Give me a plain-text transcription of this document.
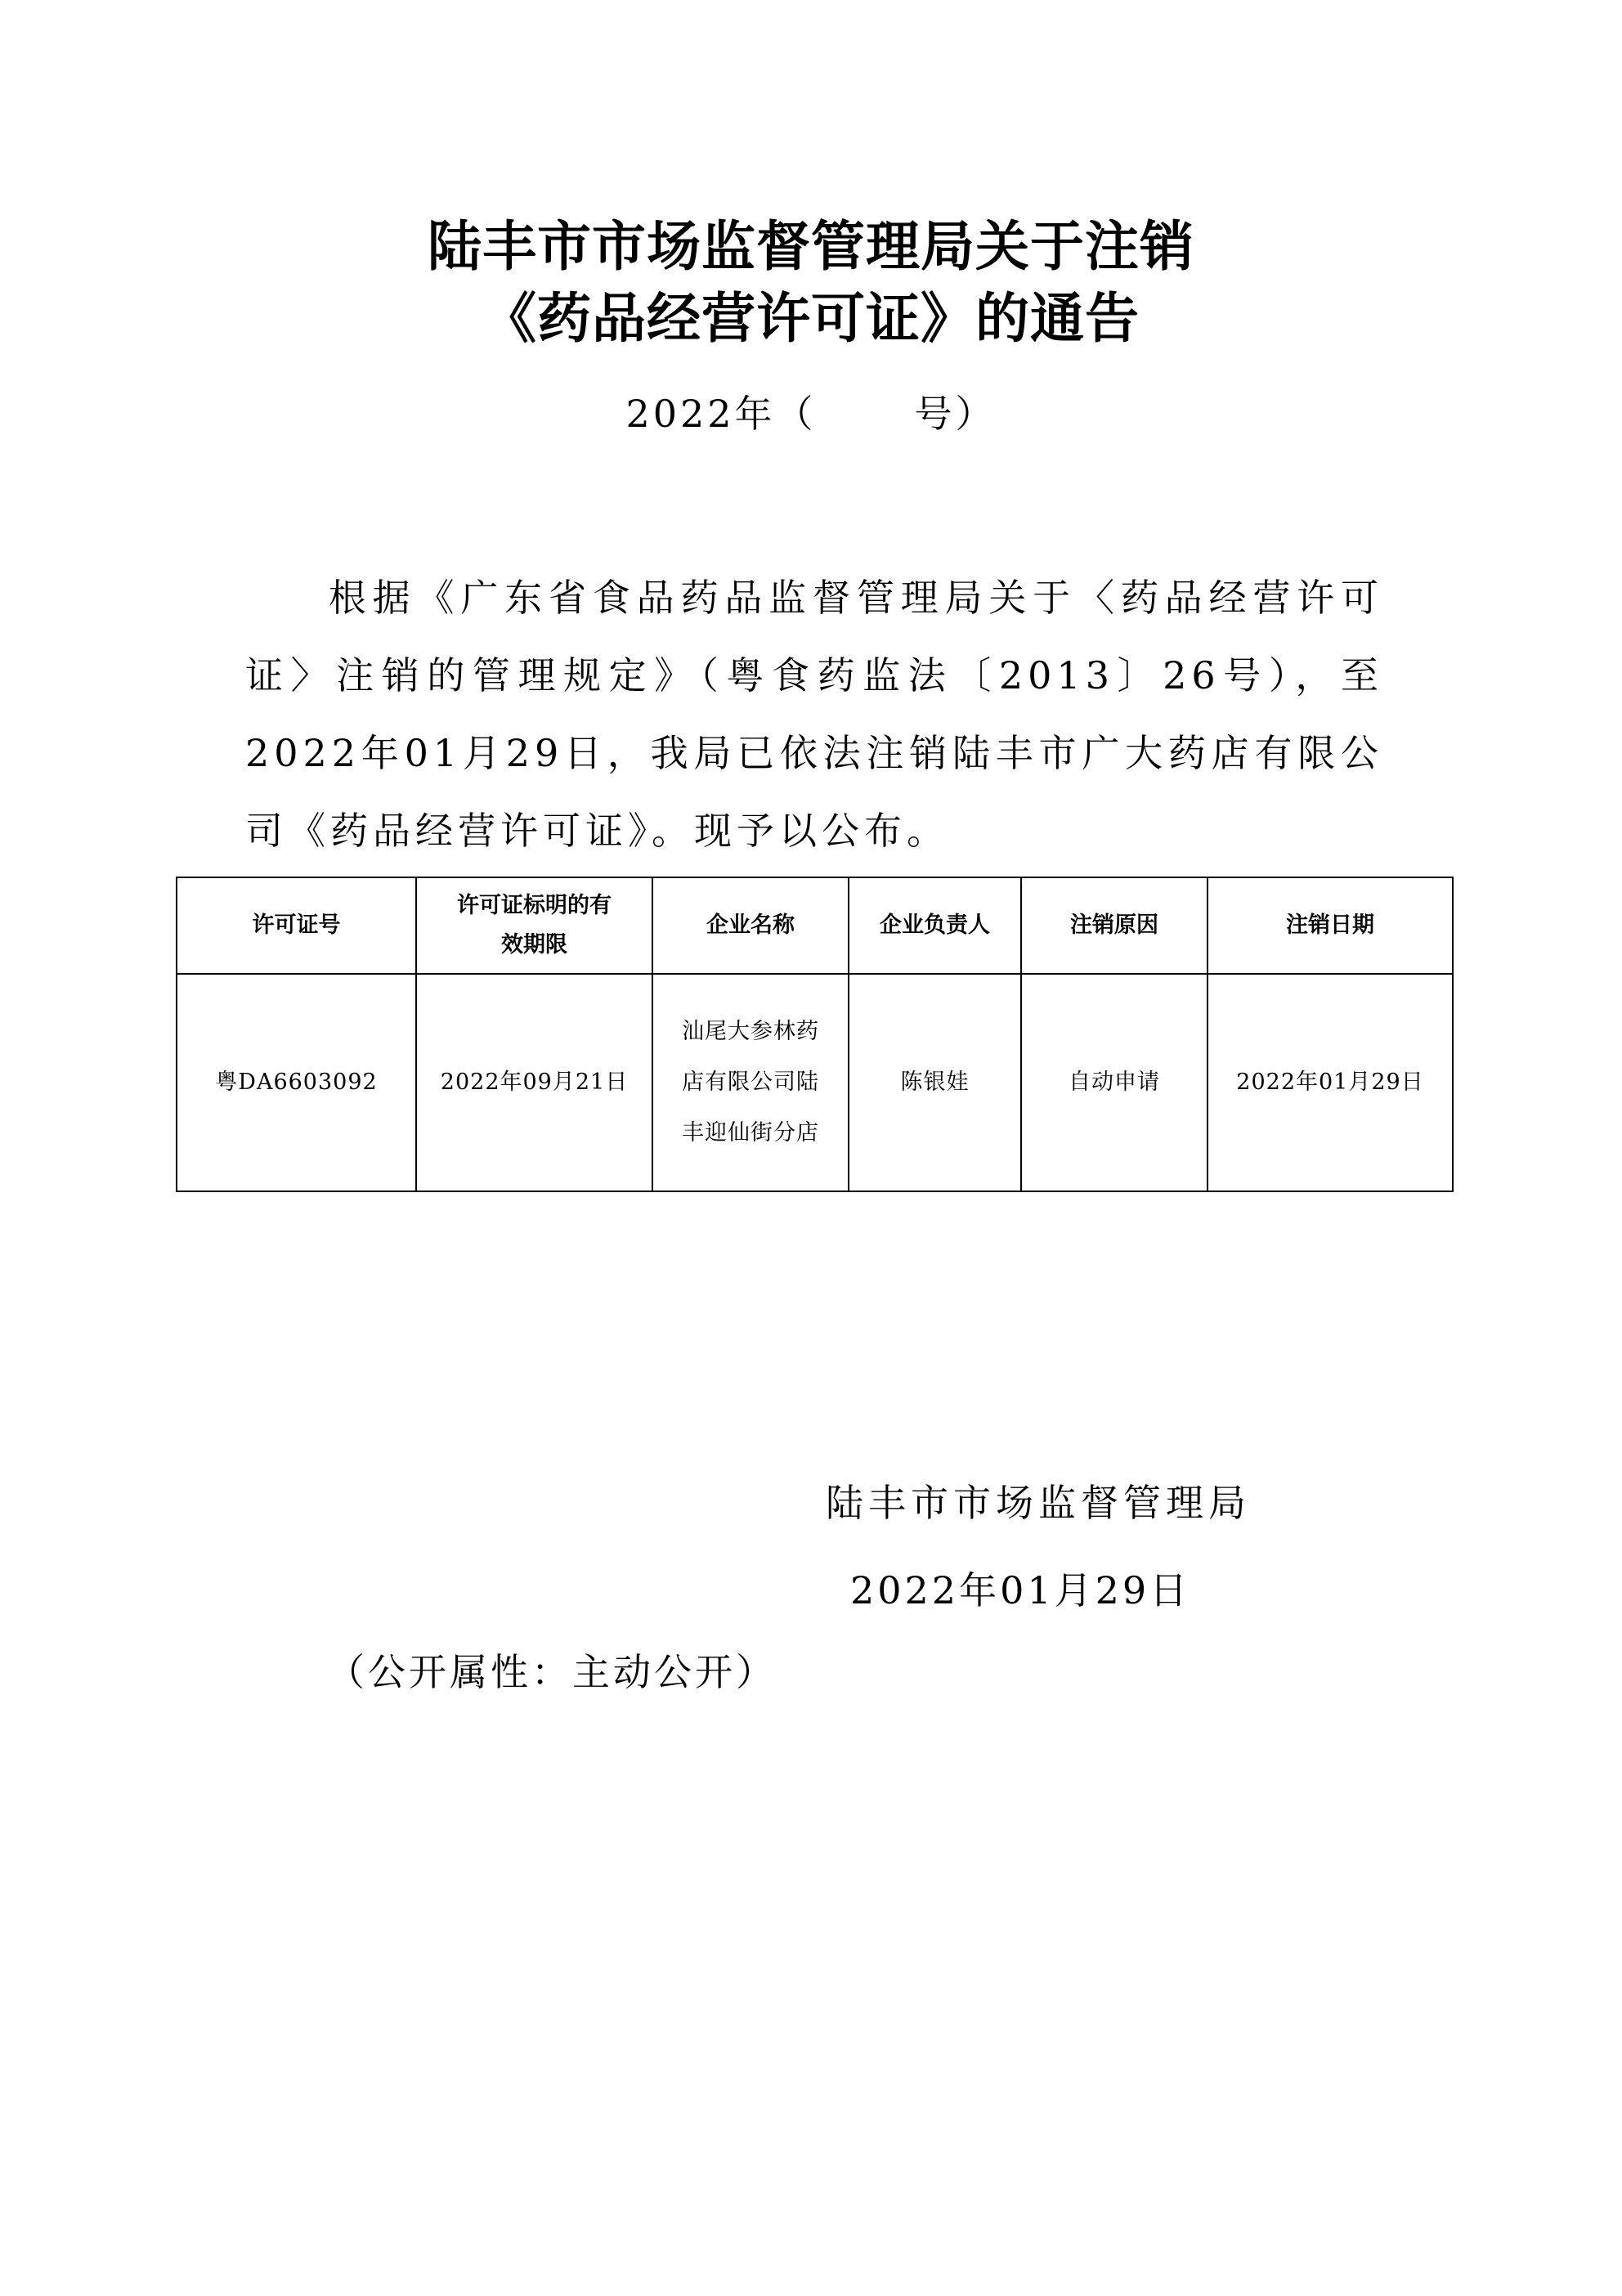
陆丰市市场监督管理局关于注销
《药品经营许可证》的通告
2022年（	号）
根据《广东省食品药品监督管理局关于〈药品经营许可证〉注销的管理规定》（粤食药监法〔2013〕26号），至2022年01月29日，我局已依法注销陆丰市广大药店有限公司《药品经营许可证》。现予以公布。
许可证号	许可证标明的有效期限	企业名称	企业负责人	注销原因	注销日期
粤DA6603092	2022年09月21日	汕尾大参林药店有限公司陆丰迎仙街分店	陈银娃	自动申请	2022年01月29日
陆丰市市场监督管理局
2022年01月29日
（公开属性：主动公开）
